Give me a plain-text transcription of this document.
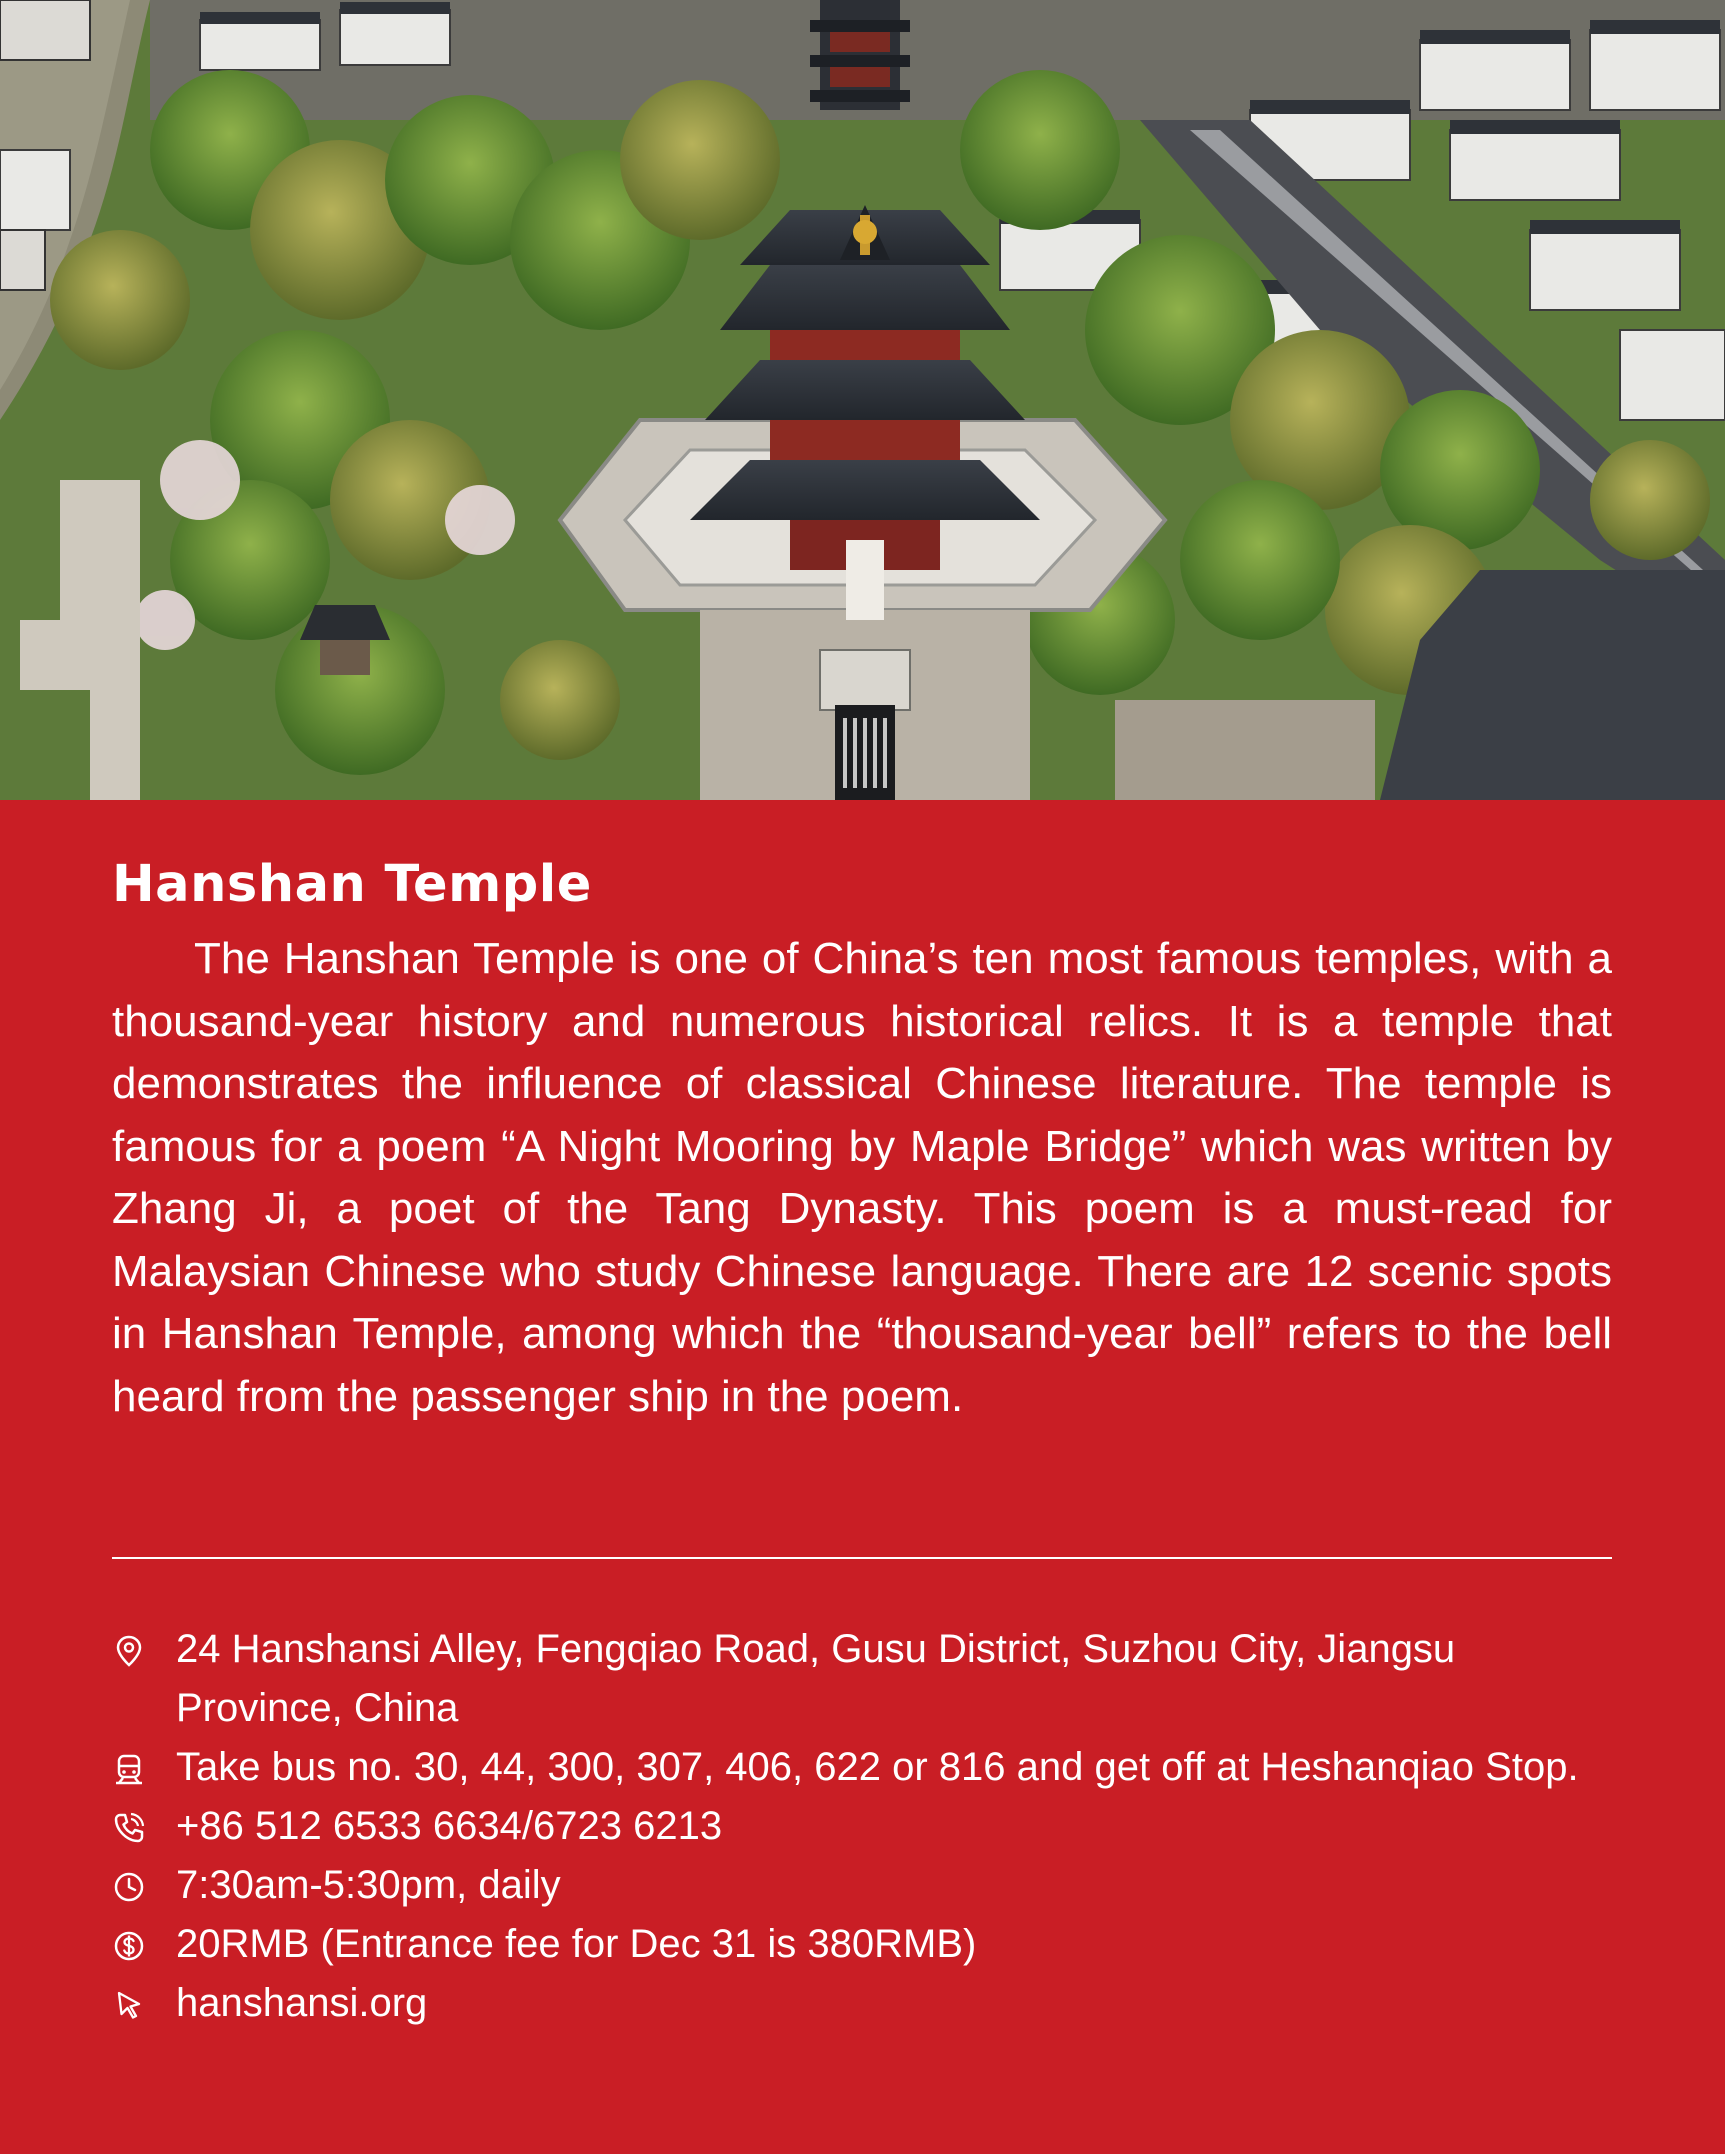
Hanshan Temple

The Hanshan Temple is one of China’s ten most famous temples, with a thousand-year history and numerous historical relics. It is a temple that demonstrates the influence of classical Chinese literature. The temple is famous for a poem “A Night Mooring by Maple Bridge” which was written by Zhang Ji, a poet of the Tang Dynasty. This poem is a must-read for Malaysian Chinese who study Chinese language. There are 12 scenic spots in Hanshan Temple, among which the “thousand-year bell” refers to the bell heard from the passenger ship in the poem.

24 Hanshansi Alley, Fengqiao Road, Gusu District, Suzhou City, Jiangsu Province, China
Take bus no. 30, 44, 300, 307, 406, 622 or 816 and get off at Heshanqiao Stop.
+86 512 6533 6634/6723 6213
7:30am-5:30pm, daily
20RMB (Entrance fee for Dec 31 is 380RMB)
hanshansi.org
